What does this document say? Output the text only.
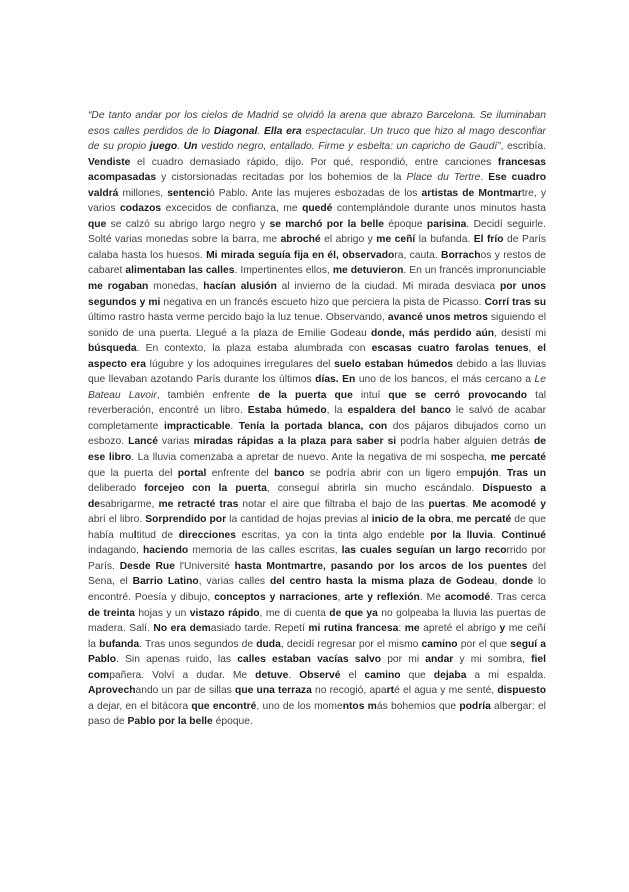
“De tanto andar por los cielos de Madrid se olvidó la arena que abrazo Barcelona. Se iluminaban esos calles perdidos de lo Diagonal. Ella era espectacular. Un truco que hizo al mago desconfiar de su propio juego. Un vestido negro, entallado. Firme y esbelta: un capricho de Gaudí”, escribía. Vendiste el cuadro demasiado rápido, dijo. Por qué, respondió, entre canciones francesas acompasadas y cistorsionadas recitadas por los bohemios de la Place du Tertre. Ese cuadro valdrá millones, sentenció Pablo. Ante las mujeres esbozadas de los artistas de Montmartre, y varios codazos excecidos de confianza, me quedé contemplándole durante unos minutos hasta que se calzó su abrigo largo negro y se marchó por la belle époque parisina. Decidí seguirle. Solté varias monedas sobre la barra, me abroché el abrigo y me ceñí la bufanda. El frío de París calaba hasta los huesos. Mi mirada seguía fija en él, observadora, cauta. Borrachos y restos de cabaret alimentaban las calles. Impertinentes ellos, me detuvieron. En un francés impronunciable me rogaban monedas, hacían alusión al invierno de la ciudad. Mi mirada desviaca por unos segundos y mi negativa en un francés escueto hizo que perciera la pista de Picasso. Corrí tras su último rastro hasta verme percido bajo la luz tenue. Observando, avancé unos metros siguiendo el sonido de una puerta. Llegué a la plaza de Emilie Godeau donde, más perdido aún, desistí mi búsqueda. En contexto, la plaza estaba alumbrada con escasas cuatro farolas tenues, el aspecto era lúgubre y los adoquines irregulares del suelo estaban húmedos debido a las lluvias que llevaban azotando París durante los últimos días. En uno de los bancos, el más cercano a Le Bateau Lavoir, también enfrente de la puerta que intuí que se cerró provocando tal reverberación, encontré un libro. Estaba húmedo, la espaldera del banco le salvó de acabar completamente impracticable. Tenía la portada blanca, con dos pájaros dibujados como un esbozo. Lancé varias miradas rápidas a la plaza para saber si podría haber alguien detrás de ese libro. La lluvia comenzaba a apretar de nuevo. Ante la negativa de mi sospecha, me percaté que la puerta del portal enfrente del banco se podría abrir con un ligero empujón. Tras un deliberado forcejeo con la puerta, conseguí abrirla sin mucho escándalo. Dispuesto a desabrigarme, me retracté tras notar el aire que filtraba el bajo de las puertas. Me acomodé y abrí el libro. Sorprendido por la cantidad de hojas previas al inicio de la obra, me percaté de que había multitud de direcciones escritas, ya con la tinta algo endeble por la lluvia. Continué indagando, haciendo memoria de las calles escritas, las cuales seguían un largo recorrido por París. Desde Rue l'Université hasta Montmartre, pasando por los arcos de los puentes del Sena, el Barrio Latino, varias calles del centro hasta la misma plaza de Godeau, donde lo encontré. Poesía y dibujo, conceptos y narraciones, arte y reflexión. Me acomodé. Tras cerca de treinta hojas y un vistazo rápido, me di cuenta de que ya no golpeaba la lluvia las puertas de madera. Salí. No era demasiado tarde. Repetí mi rutina francesa: me apreté el abrigo y me ceñí la bufanda. Tras unos segundos de duda, decidí regresar por el mismo camino por el que seguí a Pablo. Sin apenas ruido, las calles estaban vacías salvo por mi andar y mi sombra, fiel compañera. Volví a dudar. Me detuve. Observé el camino que dejaba a mi espalda. Aprovechando un par de sillas que una terraza no recogió, aparté el agua y me senté, dispuesto a dejar, en el bitácora que encontré, uno de los momentos más bohemios que podría albergar: el paso de Pablo por la belle époque.
